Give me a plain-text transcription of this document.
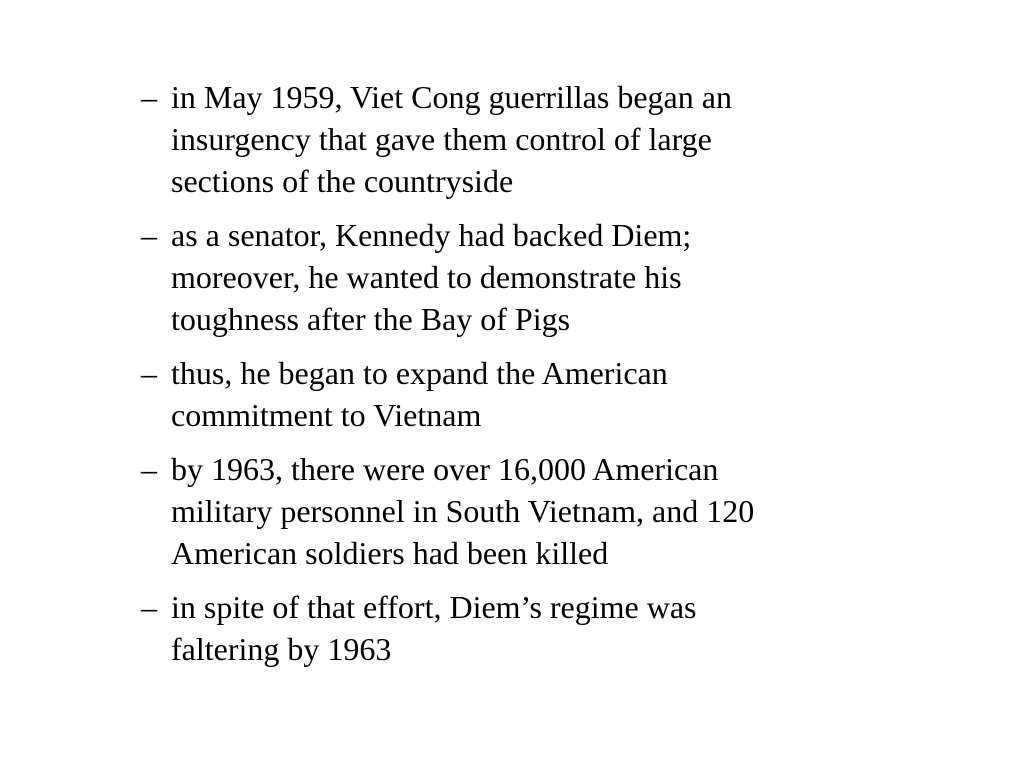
– in May 1959, Viet Cong guerrillas began an
insurgency that gave them control of large
sections of the countryside
– as a senator, Kennedy had backed Diem;
moreover, he wanted to demonstrate his
toughness after the Bay of Pigs
– thus, he began to expand the American
commitment to Vietnam
– by 1963, there were over 16,000 American
military personnel in South Vietnam, and 120
American soldiers had been killed
– in spite of that effort, Diem’s regime was
faltering by 1963
